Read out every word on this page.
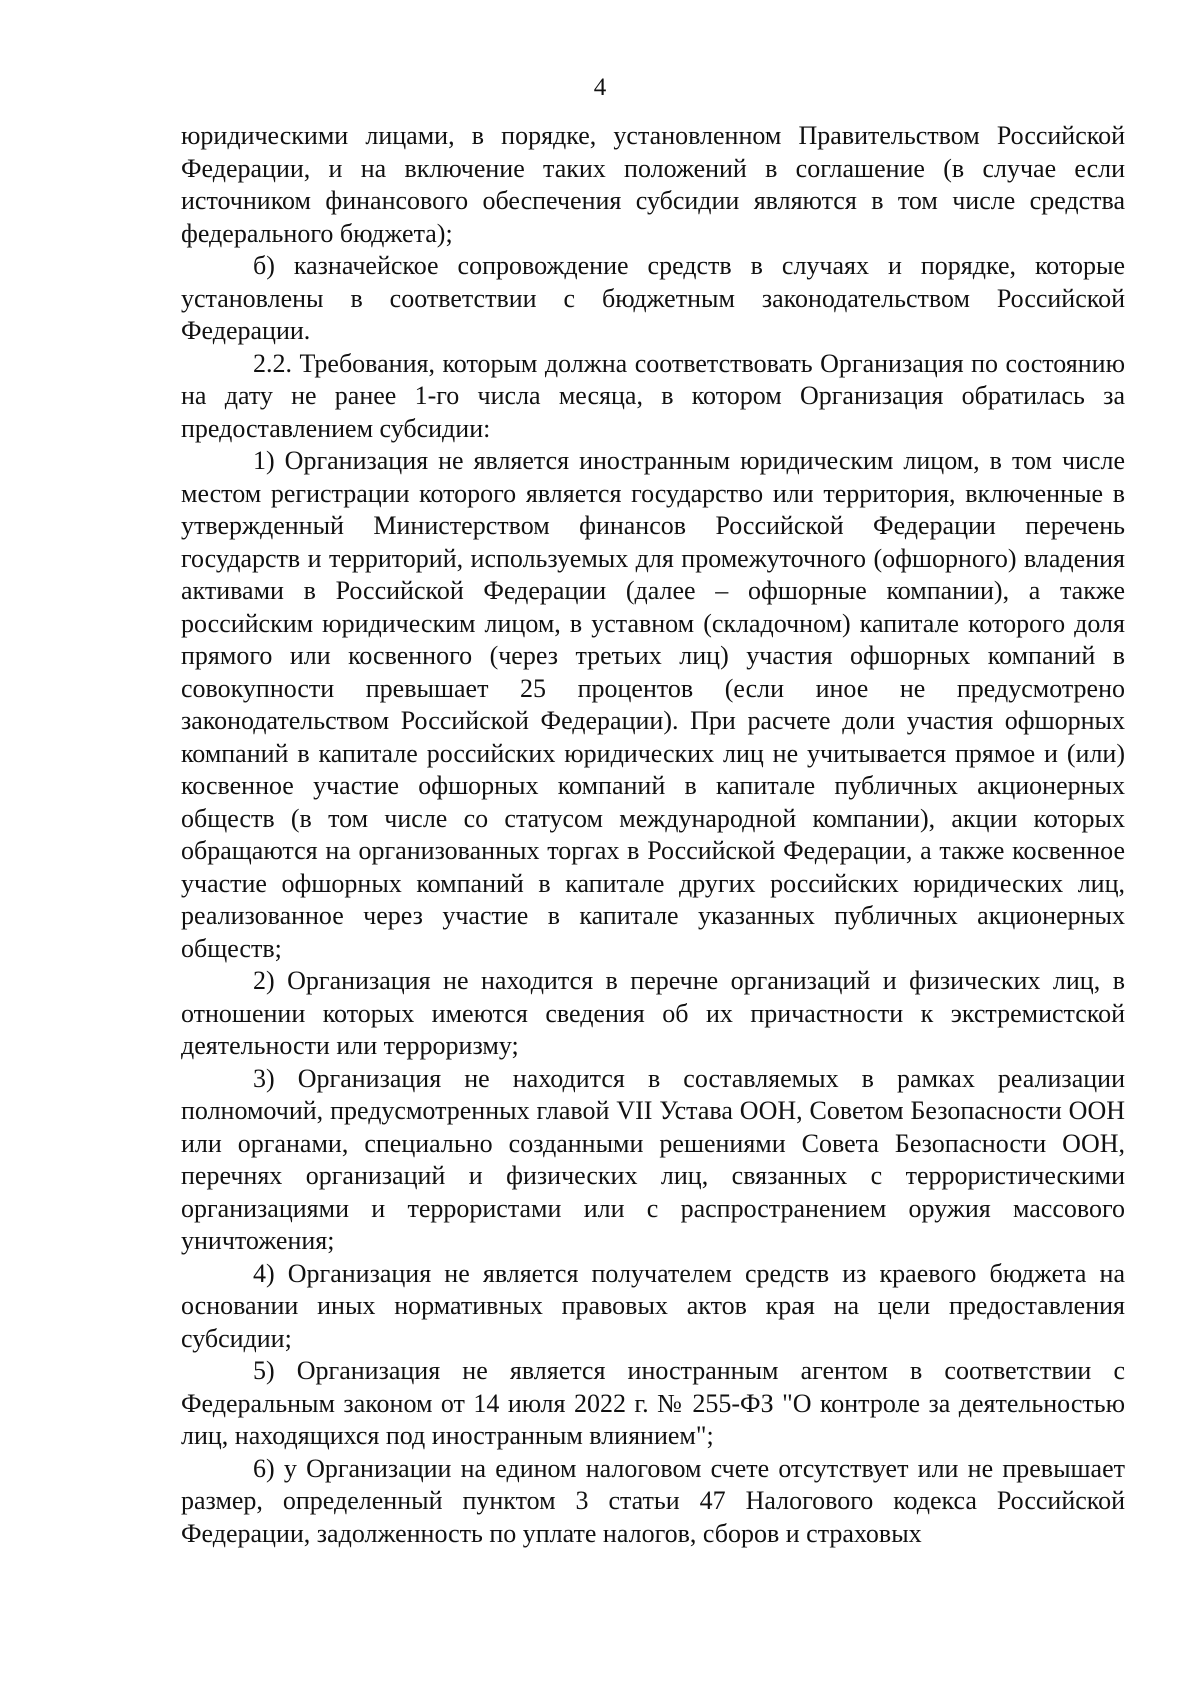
4

юридическими лицами, в порядке, установленном Правительством Российской Федерации, и на включение таких положений в соглашение (в случае если источником финансового обеспечения субсидии являются в том числе средства федерального бюджета);

б) казначейское сопровождение средств в случаях и порядке, которые установлены в соответствии с бюджетным законодательством Российской Федерации.

2.2. Требования, которым должна соответствовать Организация по состоянию на дату не ранее 1-го числа месяца, в котором Организация обратилась за предоставлением субсидии:

1) Организация не является иностранным юридическим лицом, в том числе местом регистрации которого является государство или территория, включенные в утвержденный Министерством финансов Российской Федерации перечень государств и территорий, используемых для промежуточного (офшорного) владения активами в Российской Федерации (далее – офшорные компании), а также российским юридическим лицом, в уставном (складочном) капитале которого доля прямого или косвенного (через третьих лиц) участия офшорных компаний в совокупности превышает 25 процентов (если иное не предусмотрено законодательством Российской Федерации). При расчете доли участия офшорных компаний в капитале российских юридических лиц не учитывается прямое и (или) косвенное участие офшорных компаний в капитале публичных акционерных обществ (в том числе со статусом международной компании), акции которых обращаются на организованных торгах в Российской Федерации, а также косвенное участие офшорных компаний в капитале других российских юридических лиц, реализованное через участие в капитале указанных публичных акционерных обществ;

2) Организация не находится в перечне организаций и физических лиц, в отношении которых имеются сведения об их причастности к экстремистской деятельности или терроризму;

3) Организация не находится в составляемых в рамках реализации полномочий, предусмотренных главой VII Устава ООН, Советом Безопасности ООН или органами, специально созданными решениями Совета Безопасности ООН, перечнях организаций и физических лиц, связанных с террористическими организациями и террористами или с распространением оружия массового уничтожения;

4) Организация не является получателем средств из краевого бюджета на основании иных нормативных правовых актов края на цели предоставления субсидии;

5) Организация не является иностранным агентом в соответствии с Федеральным законом от 14 июля 2022 г. № 255-ФЗ "О контроле за деятельностью лиц, находящихся под иностранным влиянием";

6) у Организации на едином налоговом счете отсутствует или не превышает размер, определенный пунктом 3 статьи 47 Налогового кодекса Российской Федерации, задолженность по уплате налогов, сборов и страховых
